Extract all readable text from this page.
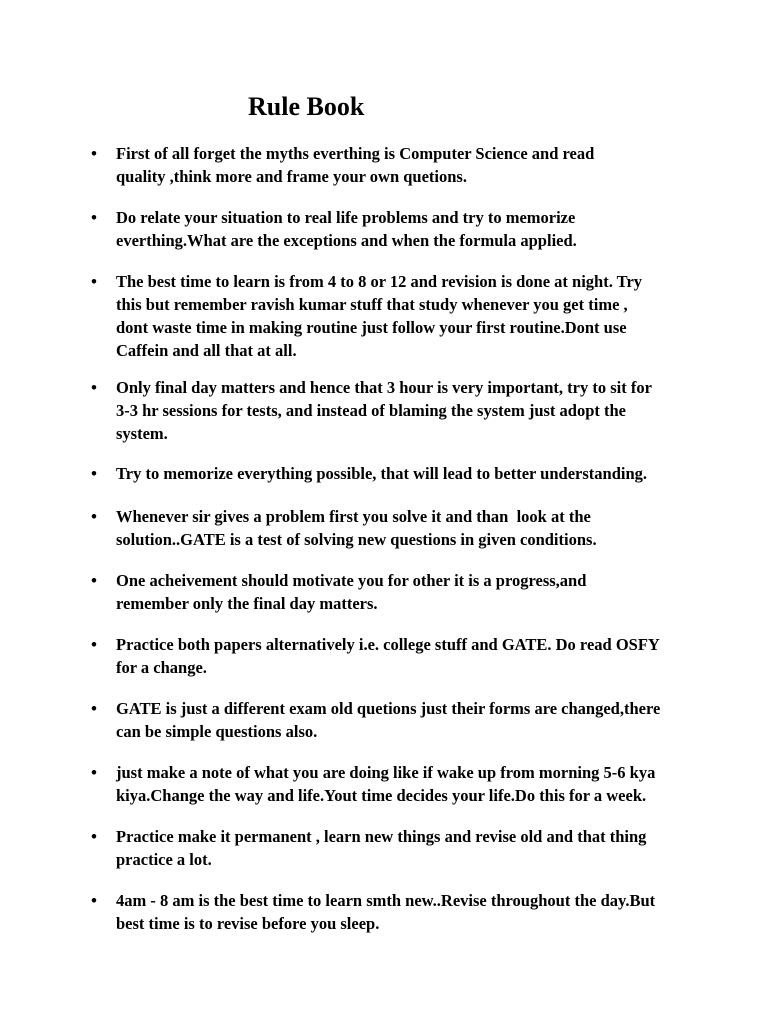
Rule Book
• First of all forget the myths everthing is Computer Science and read
quality ,think more and frame your own quetions.
• Do relate your situation to real life problems and try to memorize
everthing.What are the exceptions and when the formula applied.
• The best time to learn is from 4 to 8 or 12 and revision is done at night. Try
this but remember ravish kumar stuff that study whenever you get time ,
dont waste time in making routine just follow your first routine.Dont use
Caffein and all that at all.
• Only final day matters and hence that 3 hour is very important, try to sit for
3-3 hr sessions for tests, and instead of blaming the system just adopt the
system.
• Try to memorize everything possible, that will lead to better understanding.
• Whenever sir gives a problem first you solve it and than  look at the
solution..GATE is a test of solving new questions in given conditions.
• One acheivement should motivate you for other it is a progress,and
remember only the final day matters.
• Practice both papers alternatively i.e. college stuff and GATE. Do read OSFY
for a change.
• GATE is just a different exam old quetions just their forms are changed,there
can be simple questions also.
• just make a note of what you are doing like if wake up from morning 5-6 kya
kiya.Change the way and life.Yout time decides your life.Do this for a week.
• Practice make it permanent , learn new things and revise old and that thing
practice a lot.
• 4am - 8 am is the best time to learn smth new..Revise throughout the day.But
best time is to revise before you sleep.
